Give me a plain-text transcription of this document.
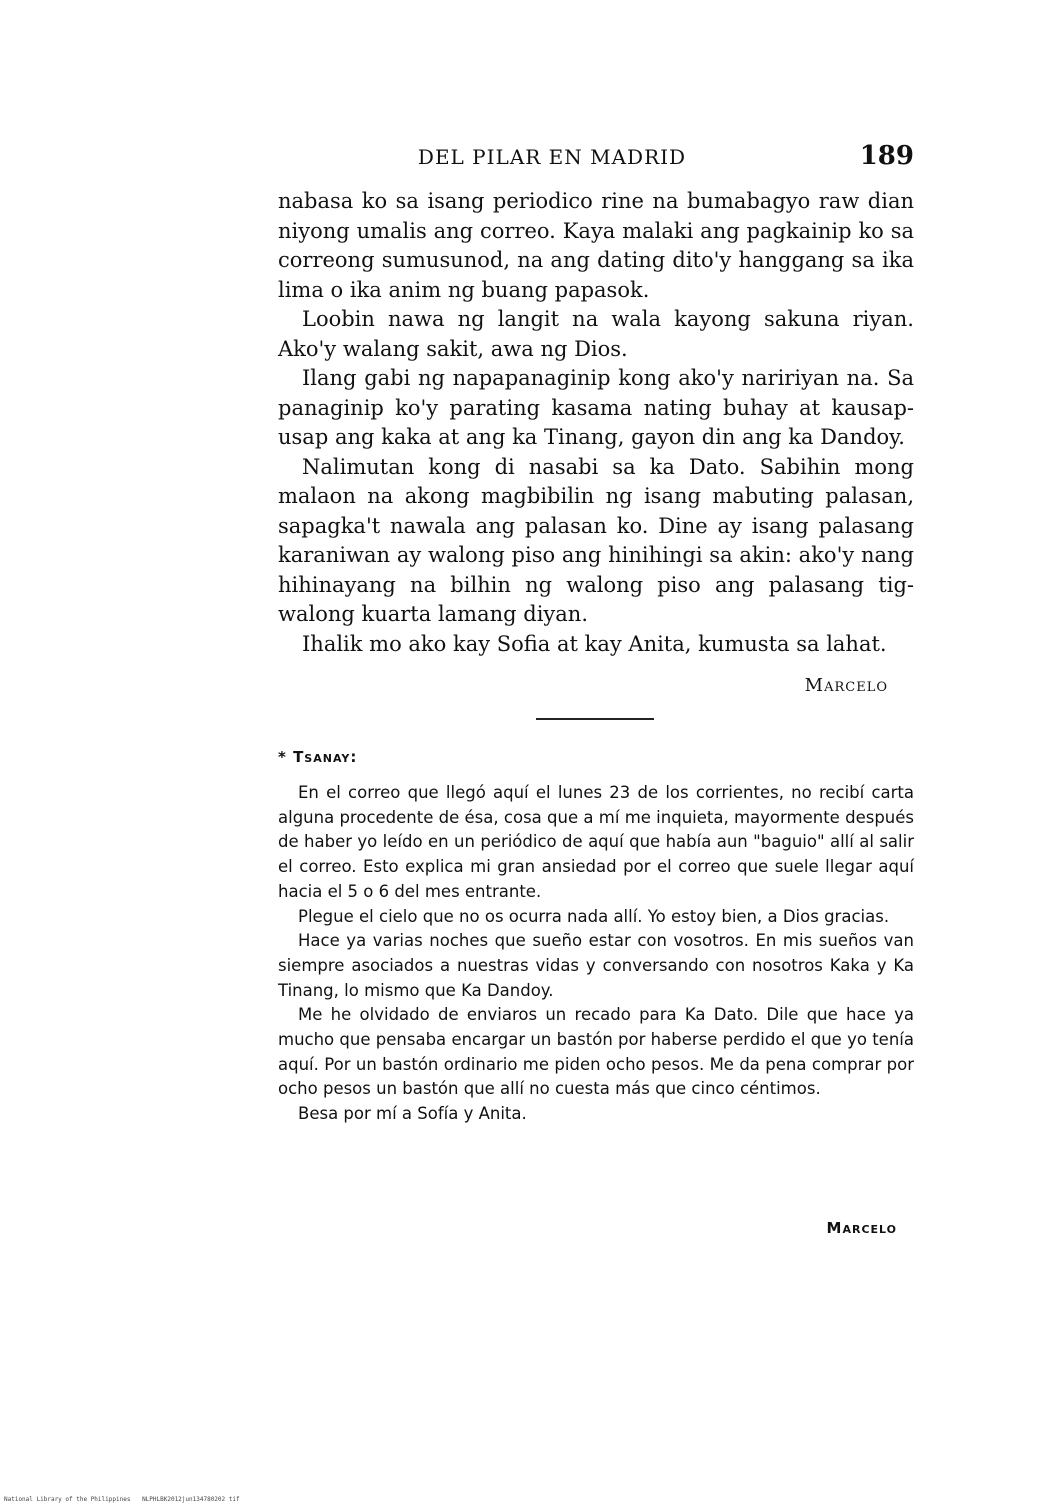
DEL PILAR EN MADRID	189

nabasa ko sa isang periodico rine na bumabagyo raw dian niyong umalis ang correo. Kaya malaki ang pagkainip ko sa correong sumusunod, na ang dating dito'y hanggang sa ika lima o ika anim ng buang papasok.

Loobin nawa ng langit na wala kayong sakuna riyan. Ako'y walang sakit, awa ng Dios.

Ilang gabi ng napapanaginip kong ako'y naririyan na. Sa panaginip ko'y parating kasama nating buhay at kausap-usap ang kaka at ang ka Tinang, gayon din ang ka Dandoy.

Nalimutan kong di nasabi sa ka Dato. Sabihin mong malaon na akong magbibilin ng isang mabuting palasan, sapagka't nawala ang palasan ko. Dine ay isang palasang karaniwan ay walong piso ang hinihingi sa akin: ako'y nang hihinayang na bilhin ng walong piso ang palasang tig-walong kuarta lamang diyan.

Ihalik mo ako kay Sofia at kay Anita, kumusta sa lahat.

Marcelo
* Tsanay:

En el correo que llegó aquí el lunes 23 de los corrientes, no recibí carta alguna procedente de ésa, cosa que a mí me inquieta, mayormente después de haber yo leído en un periódico de aquí que había aun "baguio" allí al salir el correo. Esto explica mi gran ansiedad por el correo que suele llegar aquí hacia el 5 o 6 del mes entrante.

Plegue el cielo que no os ocurra nada allí. Yo estoy bien, a Dios gracias.

Hace ya varias noches que sueño estar con vosotros. En mis sueños van siempre asociados a nuestras vidas y conversando con nosotros Kaka y Ka Tinang, lo mismo que Ka Dandoy.

Me he olvidado de enviaros un recado para Ka Dato. Dile que hace ya mucho que pensaba encargar un bastón por haberse perdido el que yo tenía aquí. Por un bastón ordinario me piden ocho pesos. Me da pena comprar por ocho pesos un bastón que allí no cuesta más que cinco céntimos.

Besa por mí a Sofía y Anita.

Marcelo
National Library of the Philippines NLPHLBK2012jun134780202 tif
